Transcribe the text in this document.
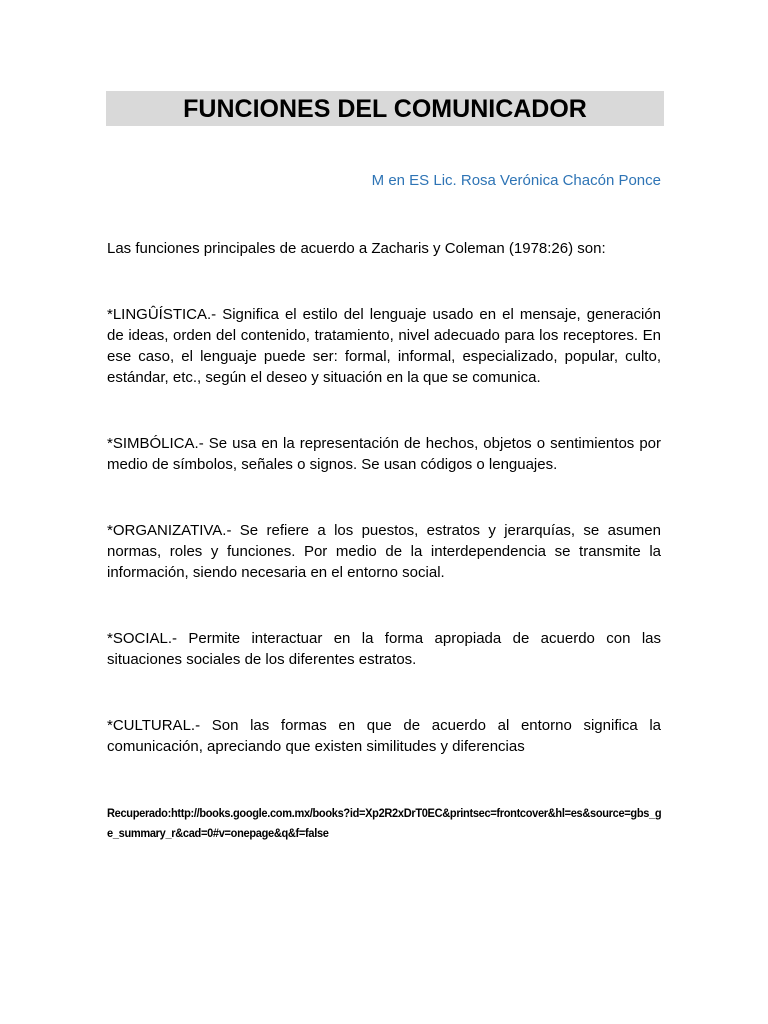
FUNCIONES DEL COMUNICADOR
M en ES Lic. Rosa Verónica Chacón Ponce

Las funciones principales de acuerdo a Zacharis y Coleman (1978:26) son:

*LINGÛÍSTICA.- Significa el estilo del lenguaje usado en el mensaje, generación de ideas, orden del contenido, tratamiento, nivel adecuado para los receptores. En ese caso, el lenguaje puede ser: formal, informal, especializado, popular, culto, estándar, etc., según el deseo y situación en la que se comunica.

*SIMBÓLICA.- Se usa en la representación de hechos, objetos o sentimientos por medio de símbolos, señales o signos. Se usan códigos o lenguajes.

*ORGANIZATIVA.- Se refiere a los puestos, estratos y jerarquías, se asumen normas, roles y funciones. Por medio de la interdependencia se transmite la información, siendo necesaria en el entorno social.

*SOCIAL.- Permite interactuar en la forma apropiada de acuerdo con las situaciones sociales de los diferentes estratos.

*CULTURAL.- Son las formas en que de acuerdo al entorno significa la comunicación, apreciando que existen similitudes y diferencias

Recuperado:http://books.google.com.mx/books?id=Xp2R2xDrT0EC&printsec=frontcover&hl=es&source=gbs_ge_summary_r&cad=0#v=onepage&q&f=false
